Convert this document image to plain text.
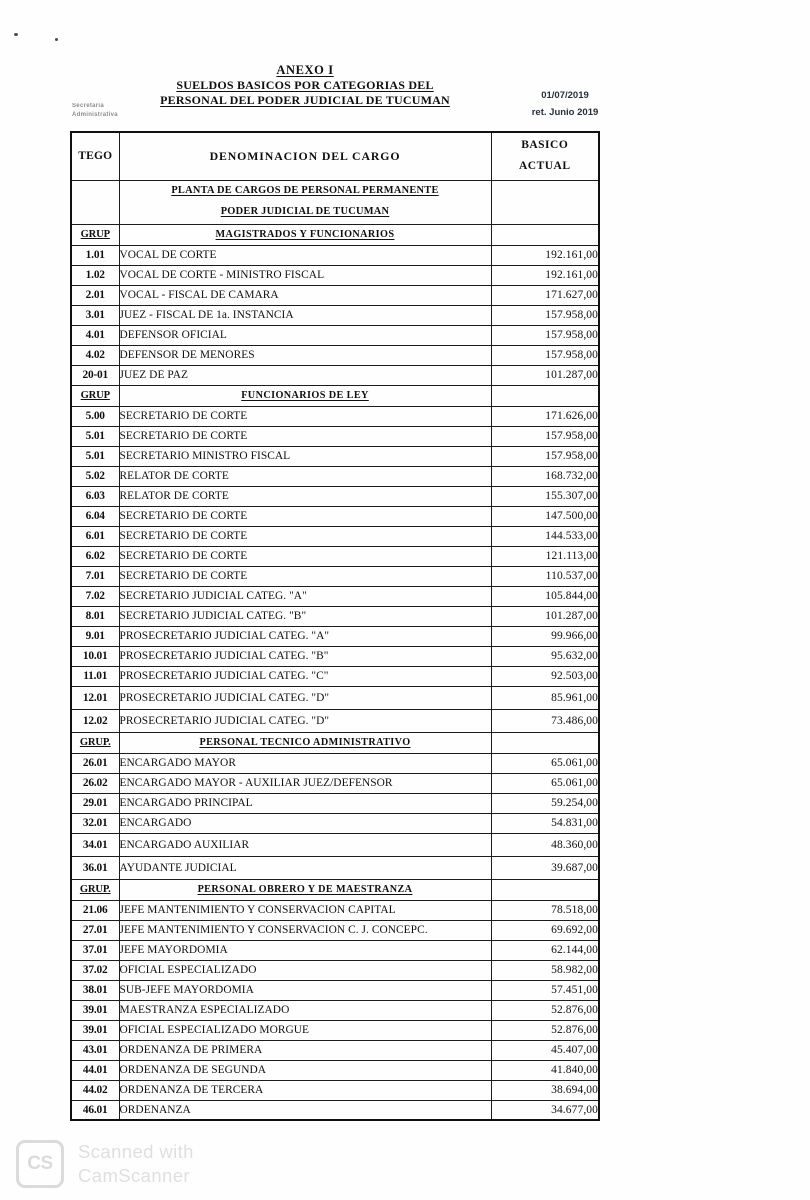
Secretaria
Administrativa
ANEXO I
SUELDOS BASICOS POR CATEGORIAS DEL
PERSONAL DEL PODER JUDICIAL DE TUCUMAN	01/07/2019
ret. Junio 2019
TEGO	DENOMINACION DEL CARGO	BASICO
ACTUAL

	PLANTA DE CARGOS DE PERSONAL PERMANENTE
PODER JUDICIAL DE TUCUMAN	

GRUP	MAGISTRADOS Y FUNCIONARIOS	
1.01	VOCAL DE CORTE	192.161,00
1.02	VOCAL DE CORTE - MINISTRO FISCAL	192.161,00
2.01	VOCAL - FISCAL DE CAMARA	171.627,00
3.01	JUEZ - FISCAL DE 1a. INSTANCIA	157.958,00
4.01	DEFENSOR OFICIAL	157.958,00
4.02	DEFENSOR DE MENORES	157.958,00
20-01	JUEZ DE PAZ	101.287,00
GRUP	FUNCIONARIOS DE LEY	
5.00	SECRETARIO DE CORTE	171.626,00
5.01	SECRETARIO DE CORTE	157.958,00
5.01	SECRETARIO MINISTRO FISCAL	157.958,00
5.02	RELATOR DE CORTE	168.732,00
6.03	RELATOR DE CORTE	155.307,00
6.04	SECRETARIO DE CORTE	147.500,00
6.01	SECRETARIO DE CORTE	144.533,00
6.02	SECRETARIO DE CORTE	121.113,00
7.01	SECRETARIO DE CORTE	110.537,00
7.02	SECRETARIO JUDICIAL CATEG. "A"	105.844,00
8.01	SECRETARIO JUDICIAL CATEG. "B"	101.287,00
9.01	PROSECRETARIO JUDICIAL CATEG. "A"	99.966,00
10.01	PROSECRETARIO JUDICIAL CATEG. "B"	95.632,00
11.01	PROSECRETARIO JUDICIAL CATEG. "C"	92.503,00
12.01	PROSECRETARIO JUDICIAL CATEG. "D"	85.961,00
12.02	PROSECRETARIO JUDICIAL CATEG. "D"	73.486,00
GRUP.	PERSONAL TECNICO ADMINISTRATIVO	
26.01	ENCARGADO MAYOR	65.061,00
26.02	ENCARGADO MAYOR - AUXILIAR JUEZ/DEFENSOR	65.061,00
29.01	ENCARGADO PRINCIPAL	59.254,00
32.01	ENCARGADO	54.831,00
34.01	ENCARGADO AUXILIAR	48.360,00
36.01	AYUDANTE JUDICIAL	39.687,00
GRUP.	PERSONAL OBRERO Y DE MAESTRANZA	
21.06	JEFE MANTENIMIENTO Y CONSERVACION CAPITAL	78.518,00
27.01	JEFE MANTENIMIENTO Y CONSERVACION C. J. CONCEPC.	69.692,00
37.01	JEFE MAYORDOMIA	62.144,00
37.02	OFICIAL ESPECIALIZADO	58.982,00
38.01	SUB-JEFE MAYORDOMIA	57.451,00
39.01	MAESTRANZA ESPECIALIZADO	52.876,00
39.01	OFICIAL ESPECIALIZADO MORGUE	52.876,00
43.01	ORDENANZA DE PRIMERA	45.407,00
44.01	ORDENANZA DE SEGUNDA	41.840,00
44.02	ORDENANZA DE TERCERA	38.694,00
46.01	ORDENANZA	34.677,00
CS
Scanned with
CamScanner
